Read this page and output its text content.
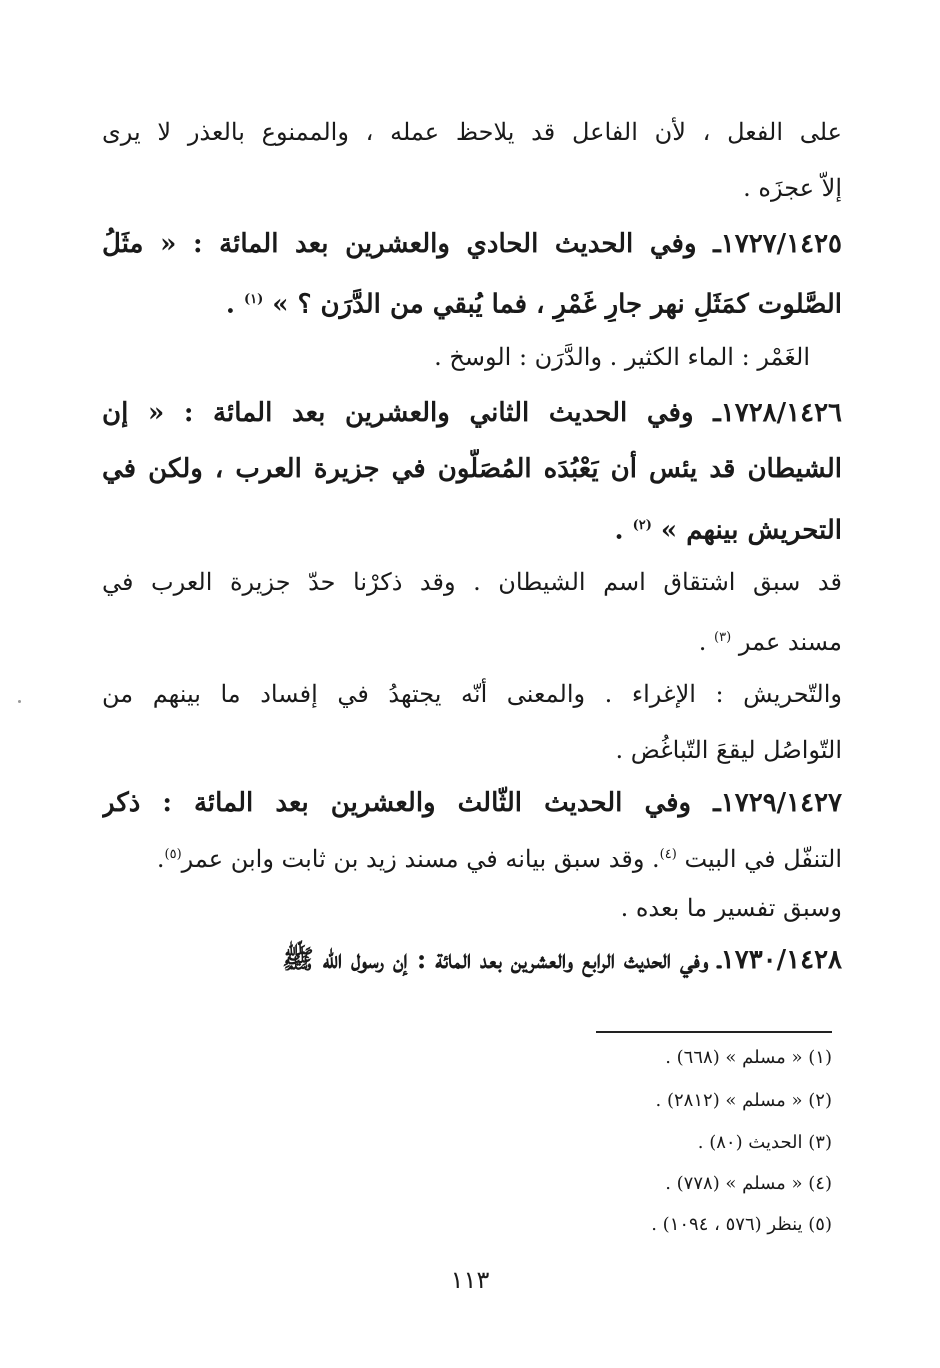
على الفعل ، لأن الفاعل قد يلاحظ عمله ، والممنوع بالعذر لا يرى
إلاّ عجزَه .
١٧٢٧/١٤٢٥ـ وفي الحديث الحادي والعشرين بعد المائة : « مثَلُ
الصَّلوت كمَثَلِ نهر جارٍ غَمْرٍ ، فما يُبقي من الدَّرَن ؟ » $^{(١)}$ .
الغَمْر : الماء الكثير . والدَّرَن : الوسخ .
١٧٢٨/١٤٢٦ـ وفي الحديث الثاني والعشرين بعد المائة : « إن
الشيطان قد يئس أن يَعْبُدَه المُصَلُّون في جزيرة العرب ، ولكن في
التحريش بينهم » $^{(٢)}$ .
قد سبق اشتقاق اسم الشيطان . وقد ذكرْنا حدّ جزيرة العرب في
مسند عمر $^{(٣)}$ .
والتّحريش : الإغراء . والمعنى أنّه يجتهدُ في إفساد ما بينهم من
التّواصُل ليقعَ التّباغُض .
١٧٢٩/١٤٢٧ـ وفي الحديث الثّالث والعشرين بعد المائة : ذكر
التنفّل في البيت $^{(٤)}$. وقد سبق بيانه في مسند زيد بن ثابت وابن عمر$^{(٥)}$.
وسبق تفسير ما بعده .
١٧٣٠/١٤٢٨ـ وفي الحديث الرابع والعشرين بعد المائة : إن رسول الله ﷺ
(١) « مسلم » (٦٦٨) .
(٢) « مسلم » (٢٨١٢) .
(٣) الحديث (٨٠) .
(٤) « مسلم » (٧٧٨) .
(٥) ينظر (٥٧٦ ، ١٠٩٤) .
١١٣
